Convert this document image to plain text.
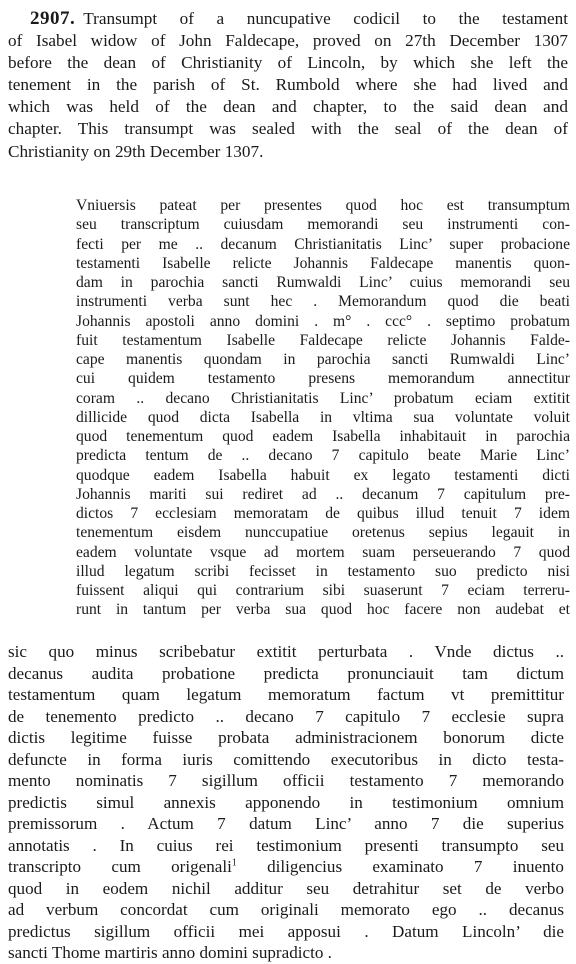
2907. Transumpt of a nuncupative codicil to the testament
of Isabel widow of John Faldecape, proved on 27th December 1307
before the dean of Christianity of Lincoln, by which she left the
tenement in the parish of St. Rumbold where she had lived and
which was held of the dean and chapter, to the said dean and
chapter. This transumpt was sealed with the seal of the dean of
Christianity on 29th December 1307.
Vniuersis pateat per presentes quod hoc est transumptum
seu transcriptum cuiusdam memorandi seu instrumenti con-
fecti per me .. decanum Christianitatis Linc’ super probacione
testamenti Isabelle relicte Johannis Faldecape manentis quon-
dam in parochia sancti Rumwaldi Linc’ cuius memorandi seu
instrumenti verba sunt hec . Memorandum quod die beati
Johannis apostoli anno domini . m° . ccc° . septimo probatum
fuit testamentum Isabelle Faldecape relicte Johannis Falde-
cape manentis quondam in parochia sancti Rumwaldi Linc’
cui quidem testamento presens memorandum annectitur
coram .. decano Christianitatis Linc’ probatum eciam extitit
dillicide quod dicta Isabella in vltima sua voluntate voluit
quod tenementum quod eadem Isabella inhabitauit in parochia
predicta tentum de .. decano 7 capitulo beate Marie Linc’
quodque eadem Isabella habuit ex legato testamenti dicti
Johannis mariti sui rediret ad .. decanum 7 capitulum pre-
dictos 7 ecclesiam memoratam de quibus illud tenuit 7 idem
tenementum eisdem nunccupatiue oretenus sepius legauit in
eadem voluntate vsque ad mortem suam perseuerando 7 quod
illud legatum scribi fecisset in testamento suo predicto nisi
fuissent aliqui qui contrarium sibi suaserunt 7 eciam terreru-
runt in tantum per verba sua quod hoc facere non audebat et
sic quo minus scribebatur extitit perturbata . Vnde dictus ..
decanus audita probatione predicta pronunciauit tam dictum
testamentum quam legatum memoratum factum vt premittitur
de tenemento predicto .. decano 7 capitulo 7 ecclesie supra
dictis legitime fuisse probata administracionem bonorum dicte
defuncte in forma iuris comittendo executoribus in dicto testa-
mento nominatis 7 sigillum officii testamento 7 memorando
predictis simul annexis apponendo in testimonium omnium
premissorum . Actum 7 datum Linc’ anno 7 die superius
annotatis . In cuius rei testimonium presenti transumpto seu
transcripto cum origenali$^1$ diligencius examinato 7 inuento
quod in eodem nichil additur seu detrahitur set de verbo
ad verbum concordat cum originali memorato ego .. decanus
predictus sigillum officii mei apposui . Datum Lincoln’ die
sancti Thome martiris anno domini supradicto .
